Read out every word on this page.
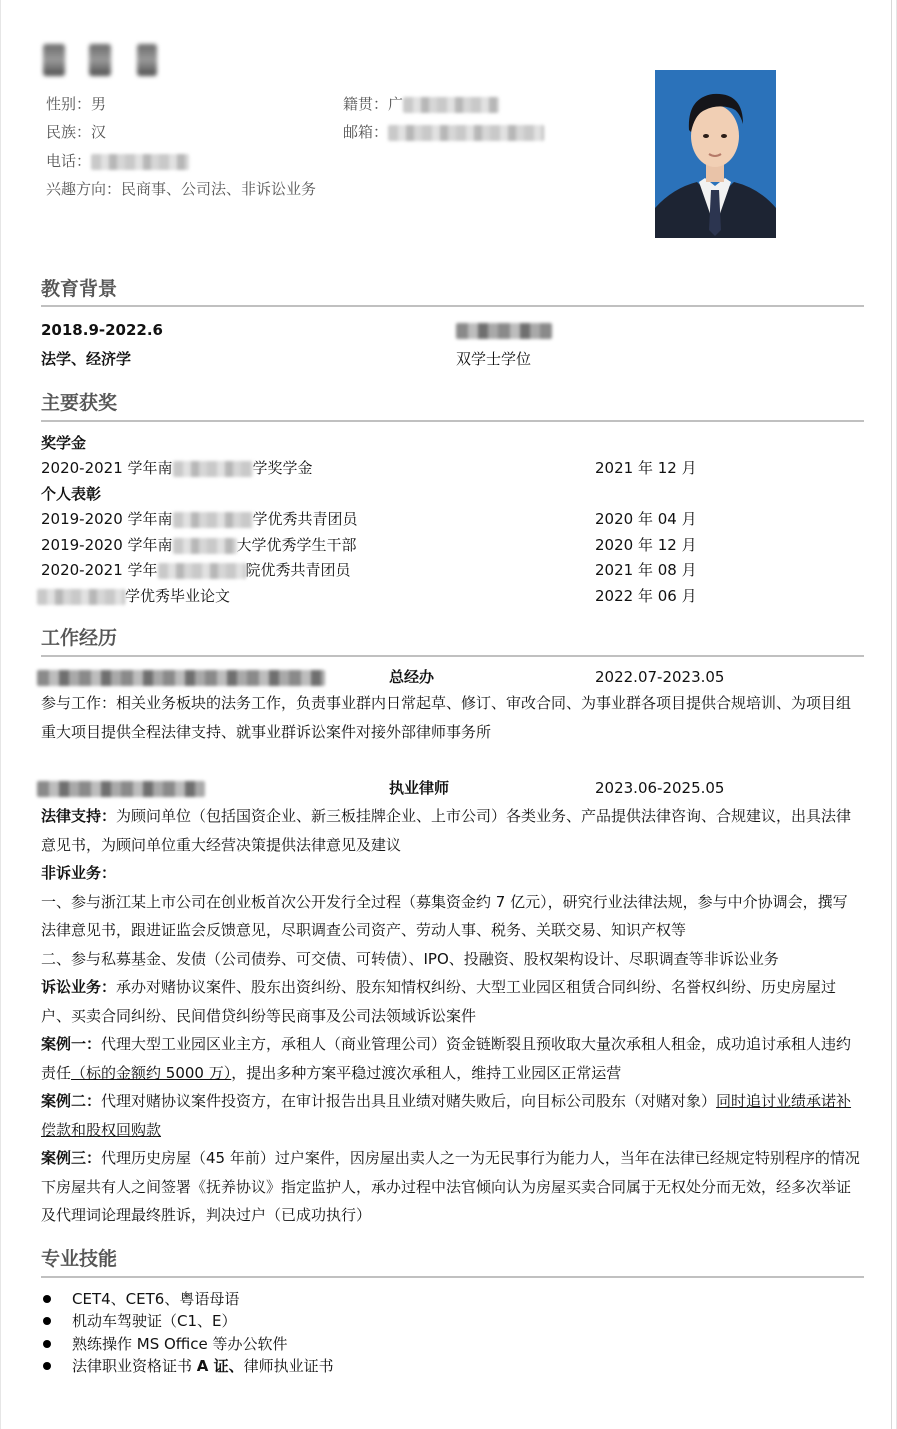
性别：男
民族：汉
电话：
兴趣方向：民商事、公司法、非诉讼业务
籍贯：广
邮箱：
教育背景
2018.9-2022.6
法学、经济学	双学士学位
主要获奖
奖学金
2020-2021 学年南	学奖学金	2021 年 12 月
个人表彰
2019-2020 学年南	学优秀共青团员	2020 年 04 月
2019-2020 学年南	大学优秀学生干部	2020 年 12 月
2020-2021 学年	院优秀共青团员	2021 年 08 月
学优秀毕业论文	2022 年 06 月
工作经历
总经办	2022.07-2023.05
参与工作：相关业务板块的法务工作，负责事业群内日常起草、修订、审改合同、为事业群各项目提供合规培训、为项目组重大项目提供全程法律支持、就事业群诉讼案件对接外部律师事务所
执业律师	2023.06-2025.05
法律支持：为顾问单位（包括国资企业、新三板挂牌企业、上市公司）各类业务、产品提供法律咨询、合规建议，出具法律意见书，为顾问单位重大经营决策提供法律意见及建议
非诉业务：
一、参与浙江某上市公司在创业板首次公开发行全过程（募集资金约 7 亿元），研究行业法律法规，参与中介协调会，撰写法律意见书，跟进证监会反馈意见，尽职调查公司资产、劳动人事、税务、关联交易、知识产权等
二、参与私募基金、发债（公司债券、可交债、可转债）、IPO、投融资、股权架构设计、尽职调查等非诉讼业务
诉讼业务：承办对赌协议案件、股东出资纠纷、股东知情权纠纷、大型工业园区租赁合同纠纷、名誉权纠纷、历史房屋过户、买卖合同纠纷、民间借贷纠纷等民商事及公司法领域诉讼案件
案例一：代理大型工业园区业主方，承租人（商业管理公司）资金链断裂且预收取大量次承租人租金，成功追讨承租人违约责任（标的金额约 5000 万），提出多种方案平稳过渡次承租人，维持工业园区正常运营
案例二：代理对赌协议案件投资方，在审计报告出具且业绩对赌失败后，向目标公司股东（对赌对象）同时追讨业绩承诺补偿款和股权回购款
案例三：代理历史房屋（45 年前）过户案件，因房屋出卖人之一为无民事行为能力人，当年在法律已经规定特别程序的情况下房屋共有人之间签署《抚养协议》指定监护人，承办过程中法官倾向认为房屋买卖合同属于无权处分而无效，经多次举证及代理词论理最终胜诉，判决过户（已成功执行）
专业技能
CET4、CET6、粤语母语
机动车驾驶证（C1、E）
熟练操作 MS Office 等办公软件
法律职业资格证书 A 证、律师执业证书
